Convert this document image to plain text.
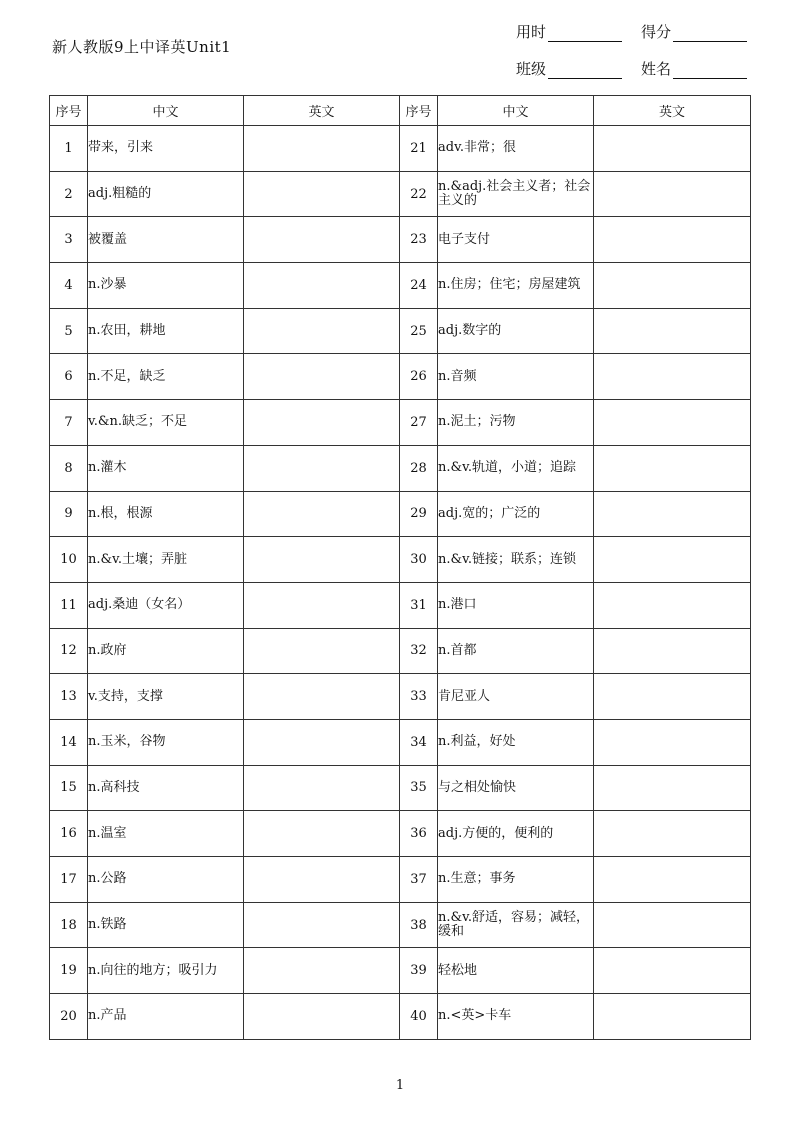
新人教版9上中译英Unit1
用时	得分
班级	姓名
序号	中文	英文	序号	中文	英文
1	带来，引来		21	adv.非常；很	
2	adj.粗糙的		22	n.&adj.社会主义者；社会主义的	
3	被覆盖		23	电子支付	
4	n.沙暴		24	n.住房；住宅；房屋建筑	
5	n.农田，耕地		25	adj.数字的	
6	n.不足，缺乏		26	n.音频	
7	v.&n.缺乏；不足		27	n.泥土；污物	
8	n.灌木		28	n.&v.轨道，小道；追踪	
9	n.根，根源		29	adj.宽的；广泛的	
10	n.&v.土壤；弄脏		30	n.&v.链接；联系；连锁	
11	adj.桑迪（女名）		31	n.港口	
12	n.政府		32	n.首都	
13	v.支持，支撑		33	肯尼亚人	
14	n.玉米，谷物		34	n.利益，好处	
15	n.高科技		35	与之相处愉快	
16	n.温室		36	adj.方便的，便利的	
17	n.公路		37	n.生意；事务	
18	n.铁路		38	n.&v.舒适，容易；减轻，缓和	
19	n.向往的地方；吸引力		39	轻松地	
20	n.产品		40	n.<英>卡车	
1
